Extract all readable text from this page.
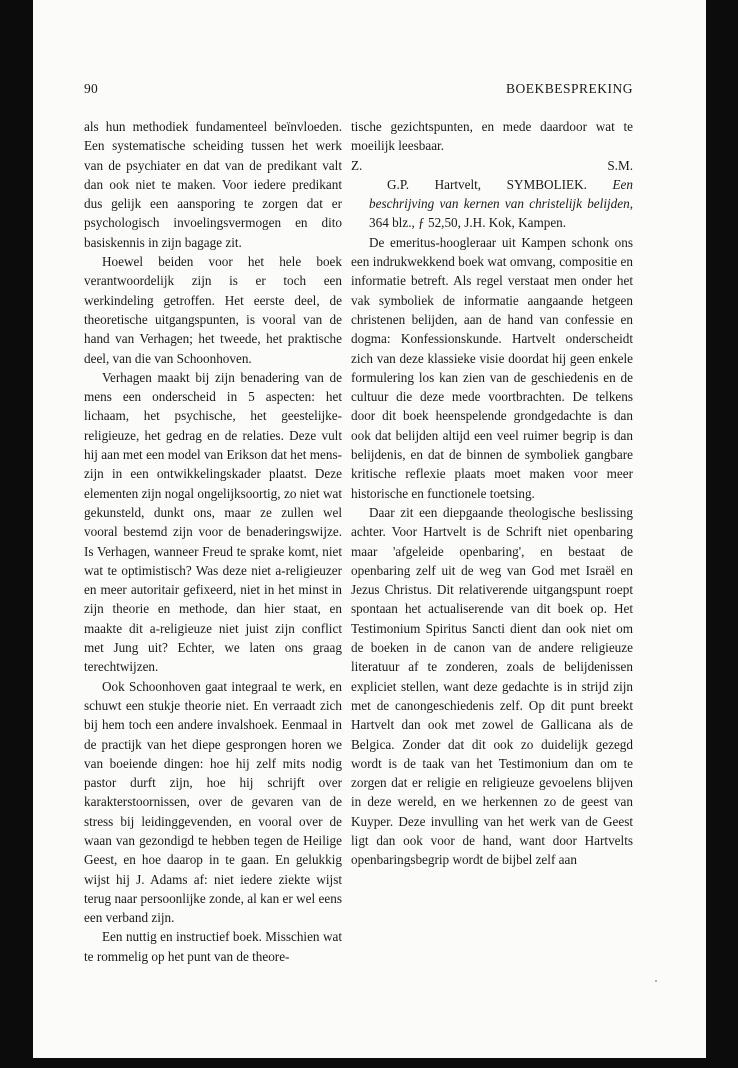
90	BOEKBESPREKING

als hun methodiek fundamenteel beïnvloeden. Een systematische scheiding tussen het werk van de psychiater en dat van de predikant valt dan ook niet te maken. Voor iedere predikant dus gelijk een aansporing te zorgen dat er psychologisch invoelingsvermogen en dito basiskennis in zijn bagage zit.

Hoewel beiden voor het hele boek verantwoordelijk zijn is er toch een werkindeling getroffen. Het eerste deel, de theoretische uitgangspunten, is vooral van de hand van Verhagen; het tweede, het praktische deel, van die van Schoonhoven.

Verhagen maakt bij zijn benadering van de mens een onderscheid in 5 aspecten: het lichaam, het psychische, het geestelijke-religieuze, het gedrag en de relaties. Deze vult hij aan met een model van Erikson dat het mens-zijn in een ontwikkelingskader plaatst. Deze elementen zijn nogal ongelijksoortig, zo niet wat gekunsteld, dunkt ons, maar ze zullen wel vooral bestemd zijn voor de benaderingswijze. Is Verhagen, wanneer Freud te sprake komt, niet wat te optimistisch? Was deze niet a-religieuzer en meer autoritair gefixeerd, niet in het minst in zijn theorie en methode, dan hier staat, en maakte dit a-religieuze niet juist zijn conflict met Jung uit? Echter, we laten ons graag terechtwijzen.

Ook Schoonhoven gaat integraal te werk, en schuwt een stukje theorie niet. En verraadt zich bij hem toch een andere invalshoek. Eenmaal in de practijk van het diepe gesprongen horen we van boeiende dingen: hoe hij zelf mits nodig pastor durft zijn, hoe hij schrijft over karakterstoornissen, over de gevaren van de stress bij leidinggevenden, en vooral over de waan van gezondigd te hebben tegen de Heilige Geest, en hoe daarop in te gaan. En gelukkig wijst hij J. Adams af: niet iedere ziekte wijst terug naar persoonlijke zonde, al kan er wel eens een verband zijn.

Een nuttig en instructief boek. Misschien wat te rommelig op het punt van de theore-

tische gezichtspunten, en mede daardoor wat te moeilijk leesbaar.

Z.	S.M.

G.P. Hartvelt, SYMBOLIEK. Een beschrijving van kernen van christelijk belijden, 364 blz., ƒ 52,50, J.H. Kok, Kampen.

De emeritus-hoogleraar uit Kampen schonk ons een indrukwekkend boek wat omvang, compositie en informatie betreft. Als regel verstaat men onder het vak symboliek de informatie aangaande hetgeen christenen belijden, aan de hand van confessie en dogma: Konfessionskunde. Hartvelt onderscheidt zich van deze klassieke visie doordat hij geen enkele formulering los kan zien van de geschiedenis en de cultuur die deze mede voortbrachten. De telkens door dit boek heenspelende grondgedachte is dan ook dat belijden altijd een veel ruimer begrip is dan belijdenis, en dat de binnen de symboliek gangbare kritische reflexie plaats moet maken voor meer historische en functionele toetsing.

Daar zit een diepgaande theologische beslissing achter. Voor Hartvelt is de Schrift niet openbaring maar 'afgeleide openbaring', en bestaat de openbaring zelf uit de weg van God met Israël en Jezus Christus. Dit relativerende uitgangspunt roept spontaan het actualiserende van dit boek op. Het Testimonium Spiritus Sancti dient dan ook niet om de boeken in de canon van de andere religieuze literatuur af te zonderen, zoals de belijdenissen expliciet stellen, want deze gedachte is in strijd zijn met de canongeschiedenis zelf. Op dit punt breekt Hartvelt dan ook met zowel de Gallicana als de Belgica. Zonder dat dit ook zo duidelijk gezegd wordt is de taak van het Testimonium dan om te zorgen dat er religie en religieuze gevoelens blijven in deze wereld, en we herkennen zo de geest van Kuyper. Deze invulling van het werk van de Geest ligt dan ook voor de hand, want door Hartvelts openbaringsbegrip wordt de bijbel zelf aan
